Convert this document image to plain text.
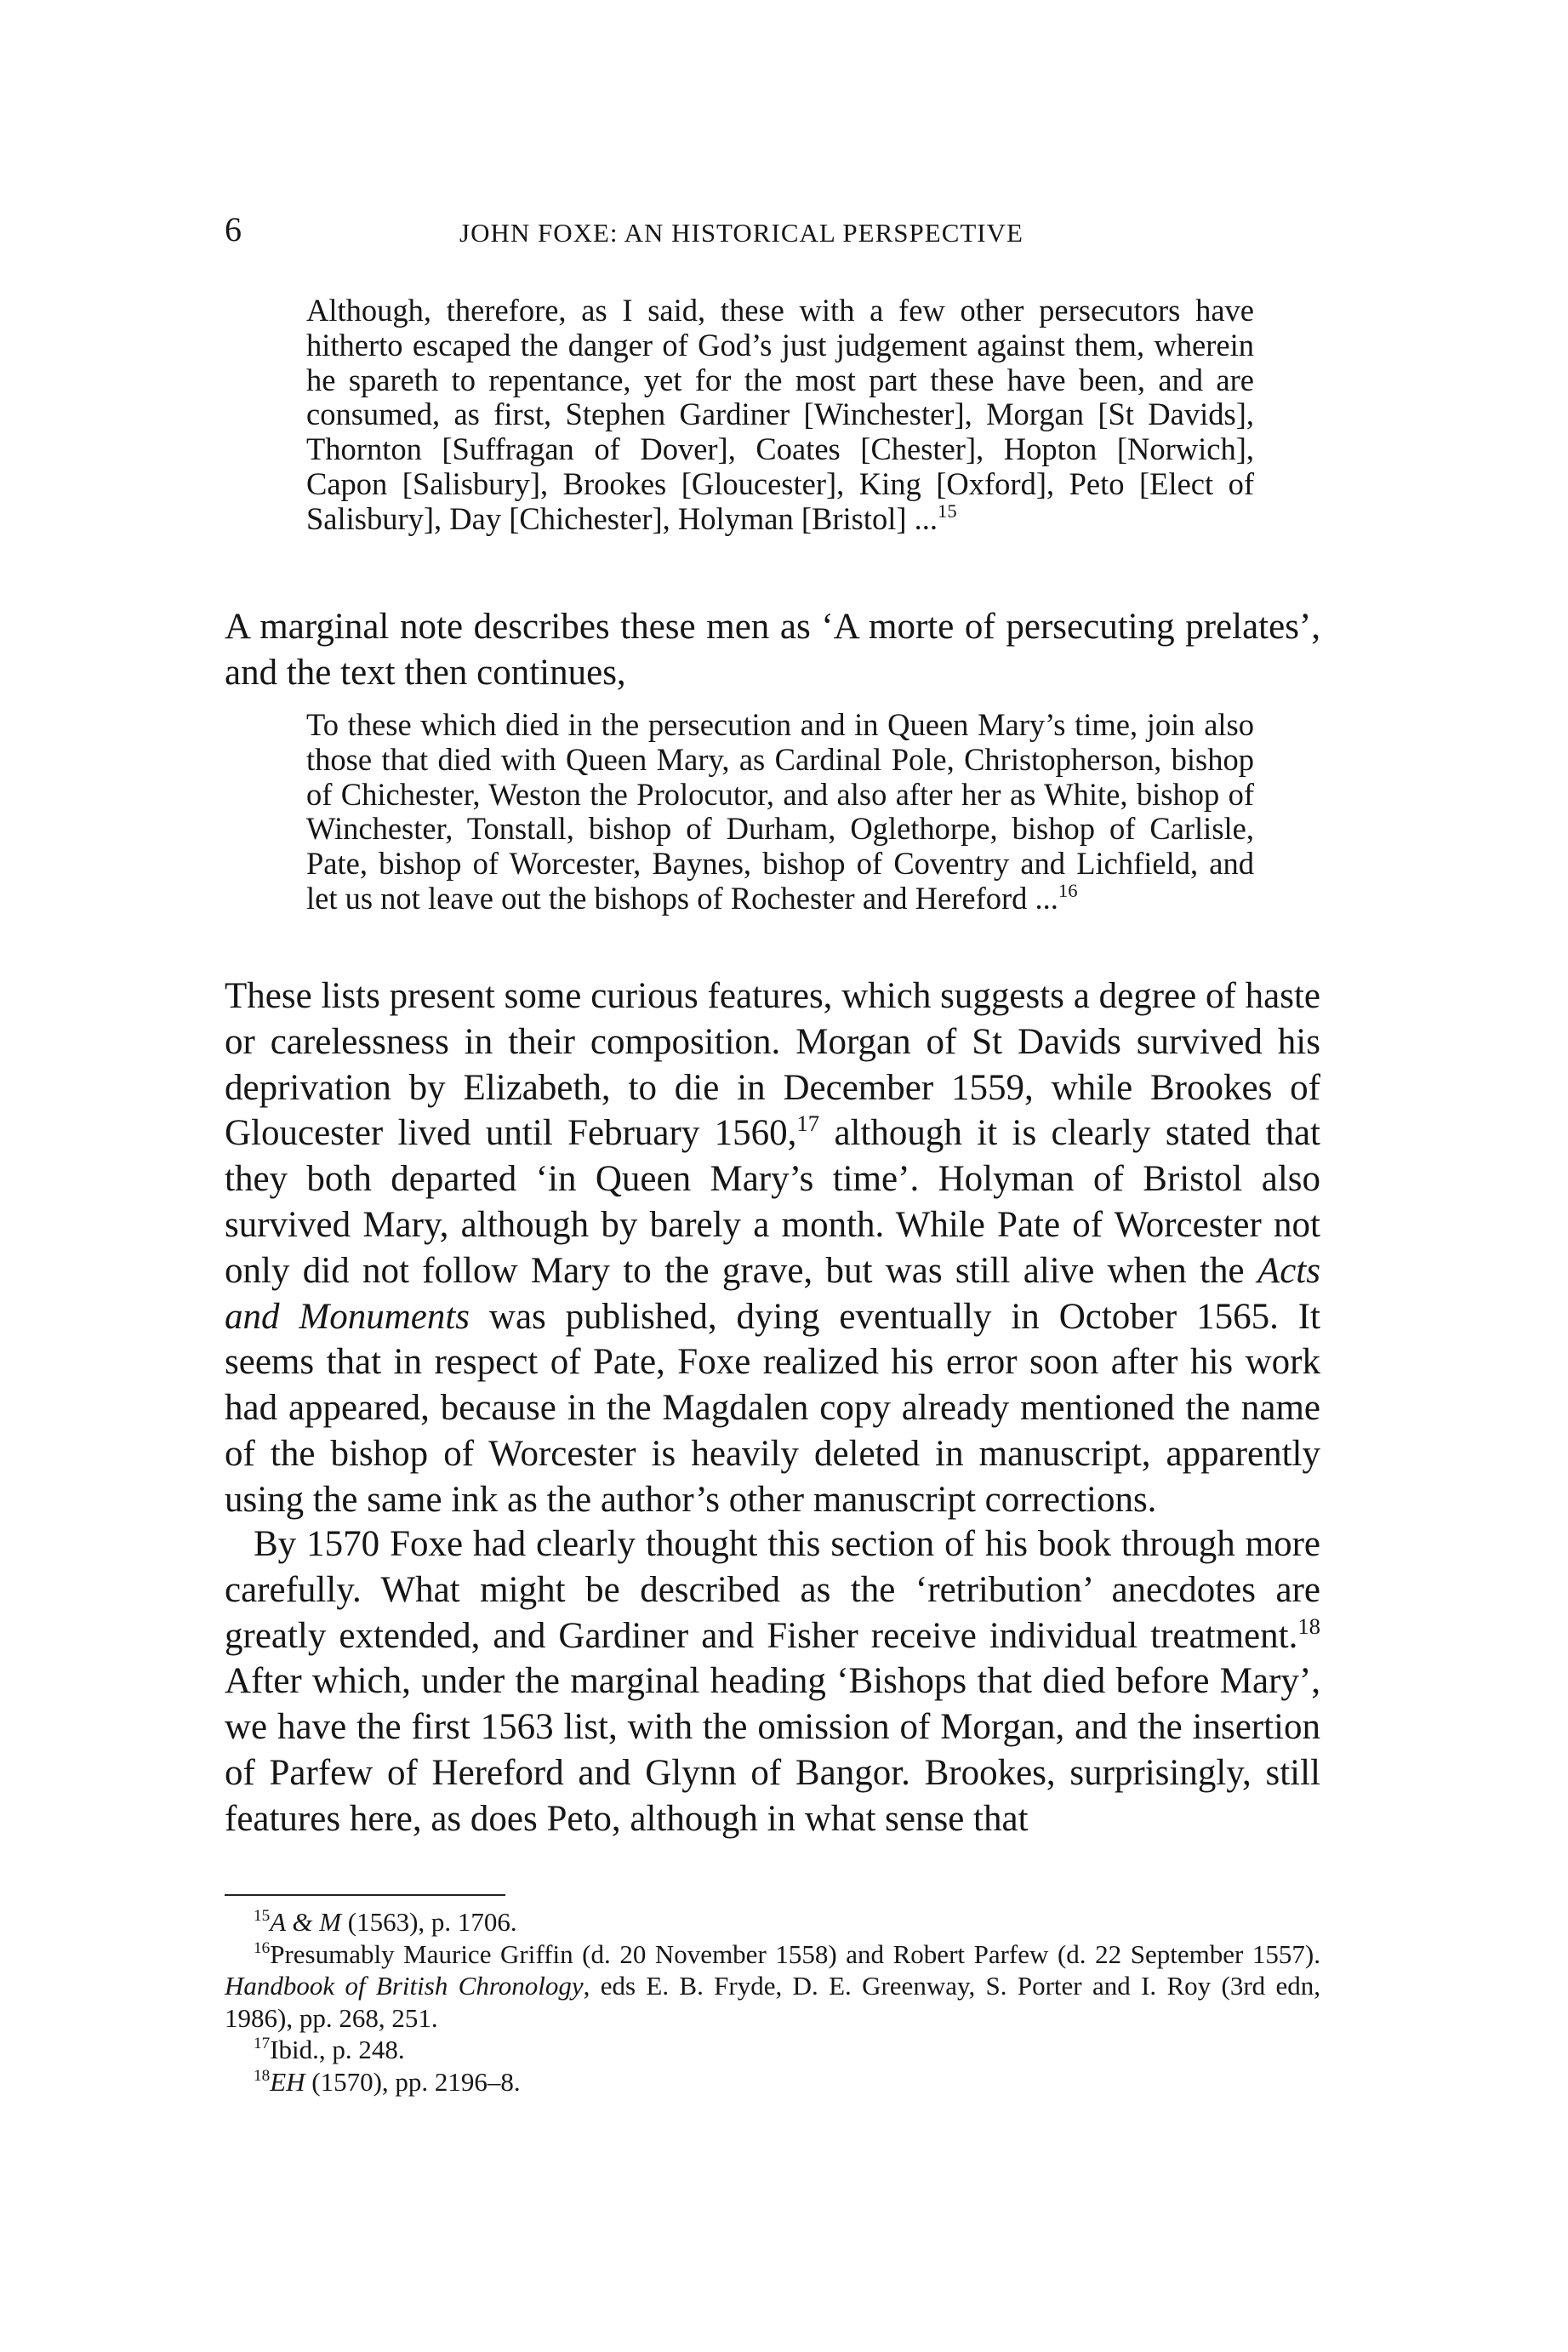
6	JOHN FOXE: AN HISTORICAL PERSPECTIVE
Although, therefore, as I said, these with a few other persecutors have hitherto escaped the danger of God’s just judgement against them, wherein he spareth to repentance, yet for the most part these have been, and are consumed, as first, Stephen Gardiner [Winchester], Morgan [St Davids], Thornton [Suffragan of Dover], Coates [Chester], Hopton [Norwich], Capon [Salisbury], Brookes [Gloucester], King [Oxford], Peto [Elect of Salisbury], Day [Chichester], Holyman [Bristol] ...$^{15}$
A marginal note describes these men as ‘A morte of persecuting prelates’, and the text then continues,
To these which died in the persecution and in Queen Mary’s time, join also those that died with Queen Mary, as Cardinal Pole, Christopherson, bishop of Chichester, Weston the Prolocutor, and also after her as White, bishop of Winchester, Tonstall, bishop of Durham, Oglethorpe, bishop of Carlisle, Pate, bishop of Worcester, Baynes, bishop of Coventry and Lichfield, and let us not leave out the bishops of Rochester and Hereford ...$^{16}$
These lists present some curious features, which suggests a degree of haste or carelessness in their composition. Morgan of St Davids survived his deprivation by Elizabeth, to die in December 1559, while Brookes of Gloucester lived until February 1560,17 although it is clearly stated that they both departed ‘in Queen Mary’s time’. Holyman of Bristol also survived Mary, although by barely a month. While Pate of Worcester not only did not follow Mary to the grave, but was still alive when the Acts and Monuments was published, dying eventually in October 1565. It seems that in respect of Pate, Foxe realized his error soon after his work had appeared, because in the Magdalen copy already mentioned the name of the bishop of Worcester is heavily deleted in manuscript, apparently using the same ink as the author’s other manuscript corrections.
By 1570 Foxe had clearly thought this section of his book through more carefully. What might be described as the ‘retribution’ anecdotes are greatly extended, and Gardiner and Fisher receive individual treatment.$^{18}$ After which, under the marginal heading ‘Bishops that died before Mary’, we have the first 1563 list, with the omission of Morgan, and the insertion of Parfew of Hereford and Glynn of Bangor. Brookes, surprisingly, still features here, as does Peto, although in what sense that

$^{15}$A & M (1563), p. 1706.

$^{16}$Presumably Maurice Griffin (d. 20 November 1558) and Robert Parfew (d. 22 September 1557). Handbook of British Chronology, eds E. B. Fryde, D. E. Greenway, S. Porter and I. Roy (3rd edn, 1986), pp. 268, 251.

$^{17}$Ibid., p. 248.

$^{18}$EH (1570), pp. 2196–8.
